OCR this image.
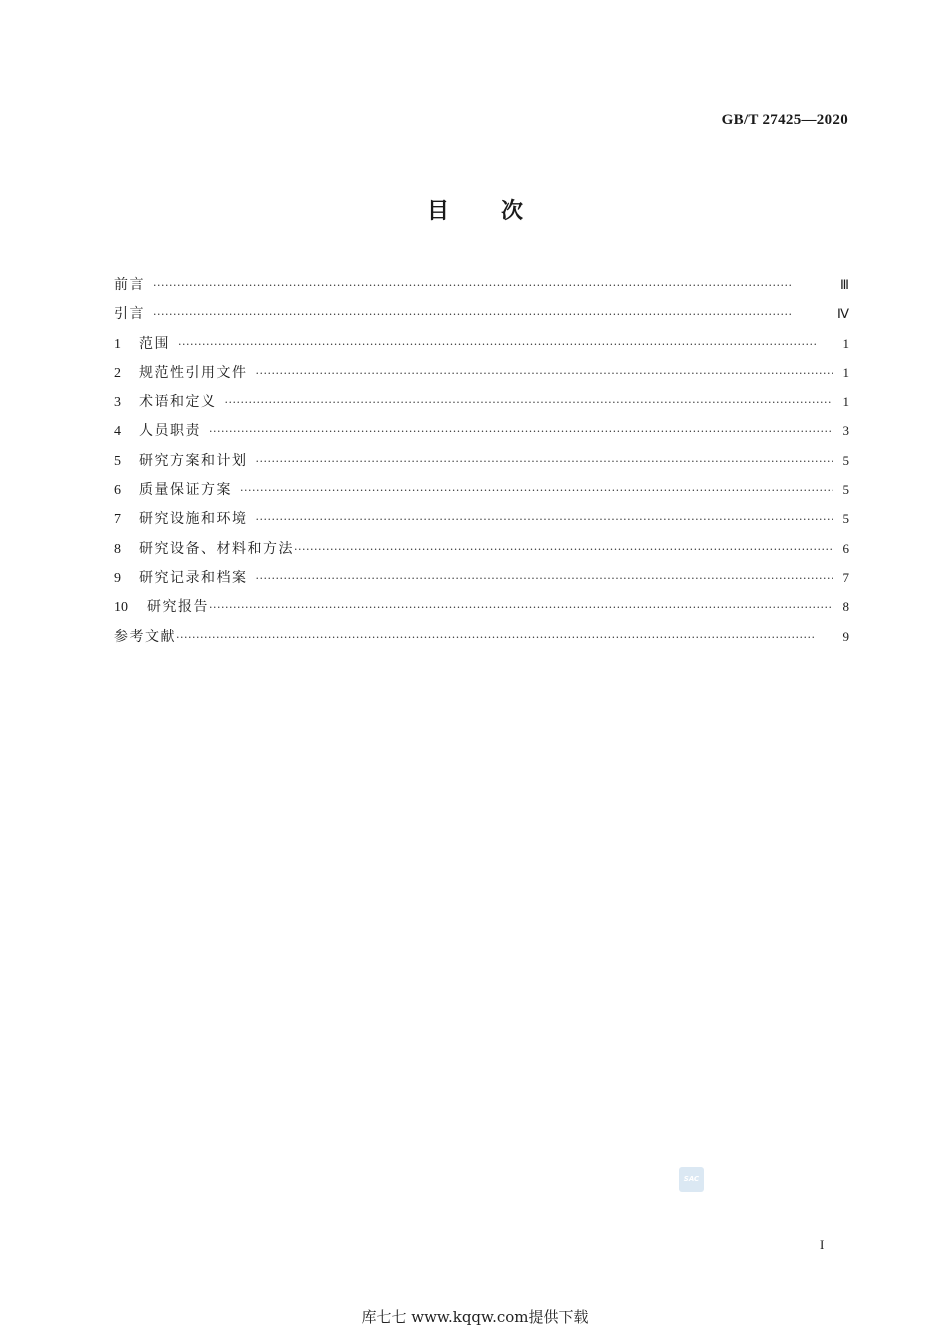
GB/T 27425—2020
目 次
前言 ·····	Ⅲ
引言 ·····	Ⅳ
1	范围 ·····	1
2	规范性引用文件 ·····	1
3	术语和定义 ·····	1
4	人员职责 ·····	3
5	研究方案和计划 ·····	5
6	质量保证方案 ·····	5
7	研究设施和环境 ·····	5
8	研究设备、材料和方法 ·····	6
9	研究记录和档案 ·····	7
10	研究报告 ·····	8
参考文献 ·····	9
SAC
I
库七七 www.kqqw.com提供下载
